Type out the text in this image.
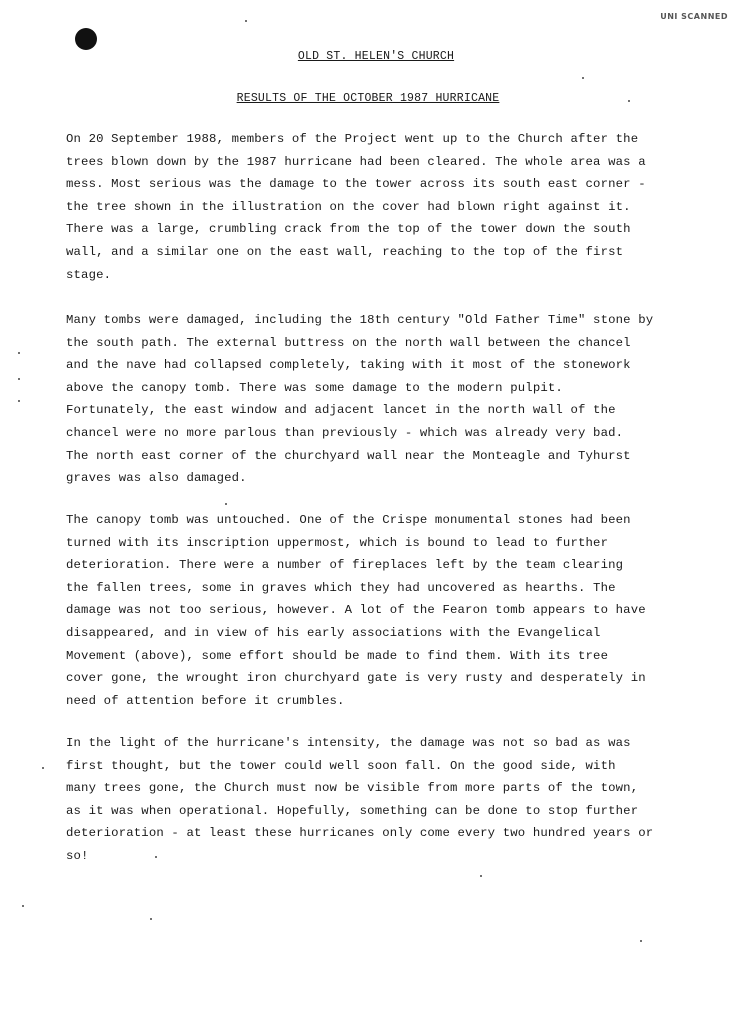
UNI SCANNED
OLD ST. HELEN'S CHURCH
RESULTS OF THE OCTOBER 1987 HURRICANE

On 20 September 1988, members of the Project went up to the Church after the
trees blown down by the 1987 hurricane had been cleared. The whole area was a
mess. Most serious was the damage to the tower across its south east corner -
the tree shown in the illustration on the cover had blown right against it.
There was a large, crumbling crack from the top of the tower down the south
wall, and a similar one on the east wall, reaching to the top of the first
stage.

Many tombs were damaged, including the 18th century "Old Father Time" stone by
the south path. The external buttress on the north wall between the chancel
and the nave had collapsed completely, taking with it most of the stonework
above the canopy tomb. There was some damage to the modern pulpit.
Fortunately, the east window and adjacent lancet in the north wall of the
chancel were no more parlous than previously - which was already very bad.
The north east corner of the churchyard wall near the Monteagle and Tyhurst
graves was also damaged.

The canopy tomb was untouched. One of the Crispe monumental stones had been
turned with its inscription uppermost, which is bound to lead to further
deterioration. There were a number of fireplaces left by the team clearing
the fallen trees, some in graves which they had uncovered as hearths. The
damage was not too serious, however. A lot of the Fearon tomb appears to have
disappeared, and in view of his early associations with the Evangelical
Movement (above), some effort should be made to find them. With its tree
cover gone, the wrought iron churchyard gate is very rusty and desperately in
need of attention before it crumbles.

In the light of the hurricane's intensity, the damage was not so bad as was
first thought, but the tower could well soon fall. On the good side, with
many trees gone, the Church must now be visible from more parts of the town,
as it was when operational. Hopefully, something can be done to stop further
deterioration - at least these hurricanes only come every two hundred years or
so!
